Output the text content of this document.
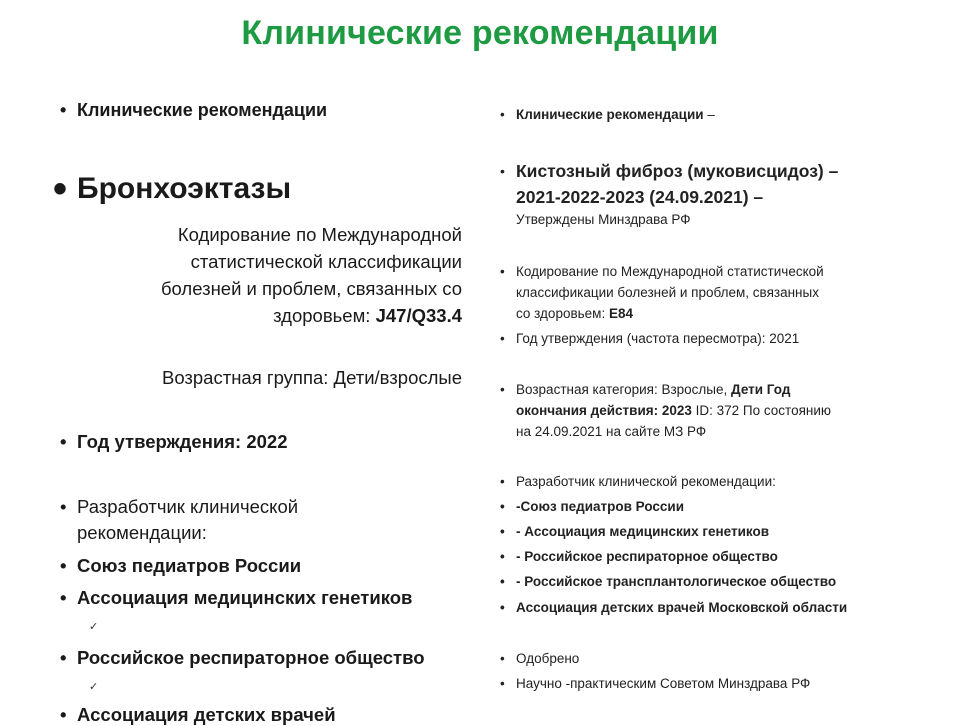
Клинические рекомендации
• Клинические рекомендации
• Бронхоэктазы
Кодирование по Международной
статистической классификации
болезней и проблем, связанных со
здоровьем: J47/Q33.4
Возрастная группа: Дети/взрослые
• Год утверждения: 2022
• Разработчик клинической
рекомендации:
• Союз педиатров России
• Ассоциация медицинских генетиков
✓
• Российское респираторное общество
✓
• Ассоциация детских врачей
• Клинические рекомендации –
• Кистозный фиброз (муковисцидоз) –
2021-2022-2023 (24.09.2021) –
Утверждены Минздрава РФ
• Кодирование по Международной статистической
классификации болезней и проблем, связанных
со здоровьем: E84
• Год утверждения (частота пересмотра): 2021
• Возрастная категория: Взрослые, Дети Год
окончания действия: 2023 ID: 372 По состоянию
на 24.09.2021 на сайте МЗ РФ
• Разработчик клинической рекомендации:
• -Союз педиатров России
• - Ассоциация медицинских генетиков
• - Российское респираторное общество
• - Российское трансплантологическое общество
• Ассоциация детских врачей Московской области
• Одобрено
• Научно -практическим Советом Минздрава РФ
